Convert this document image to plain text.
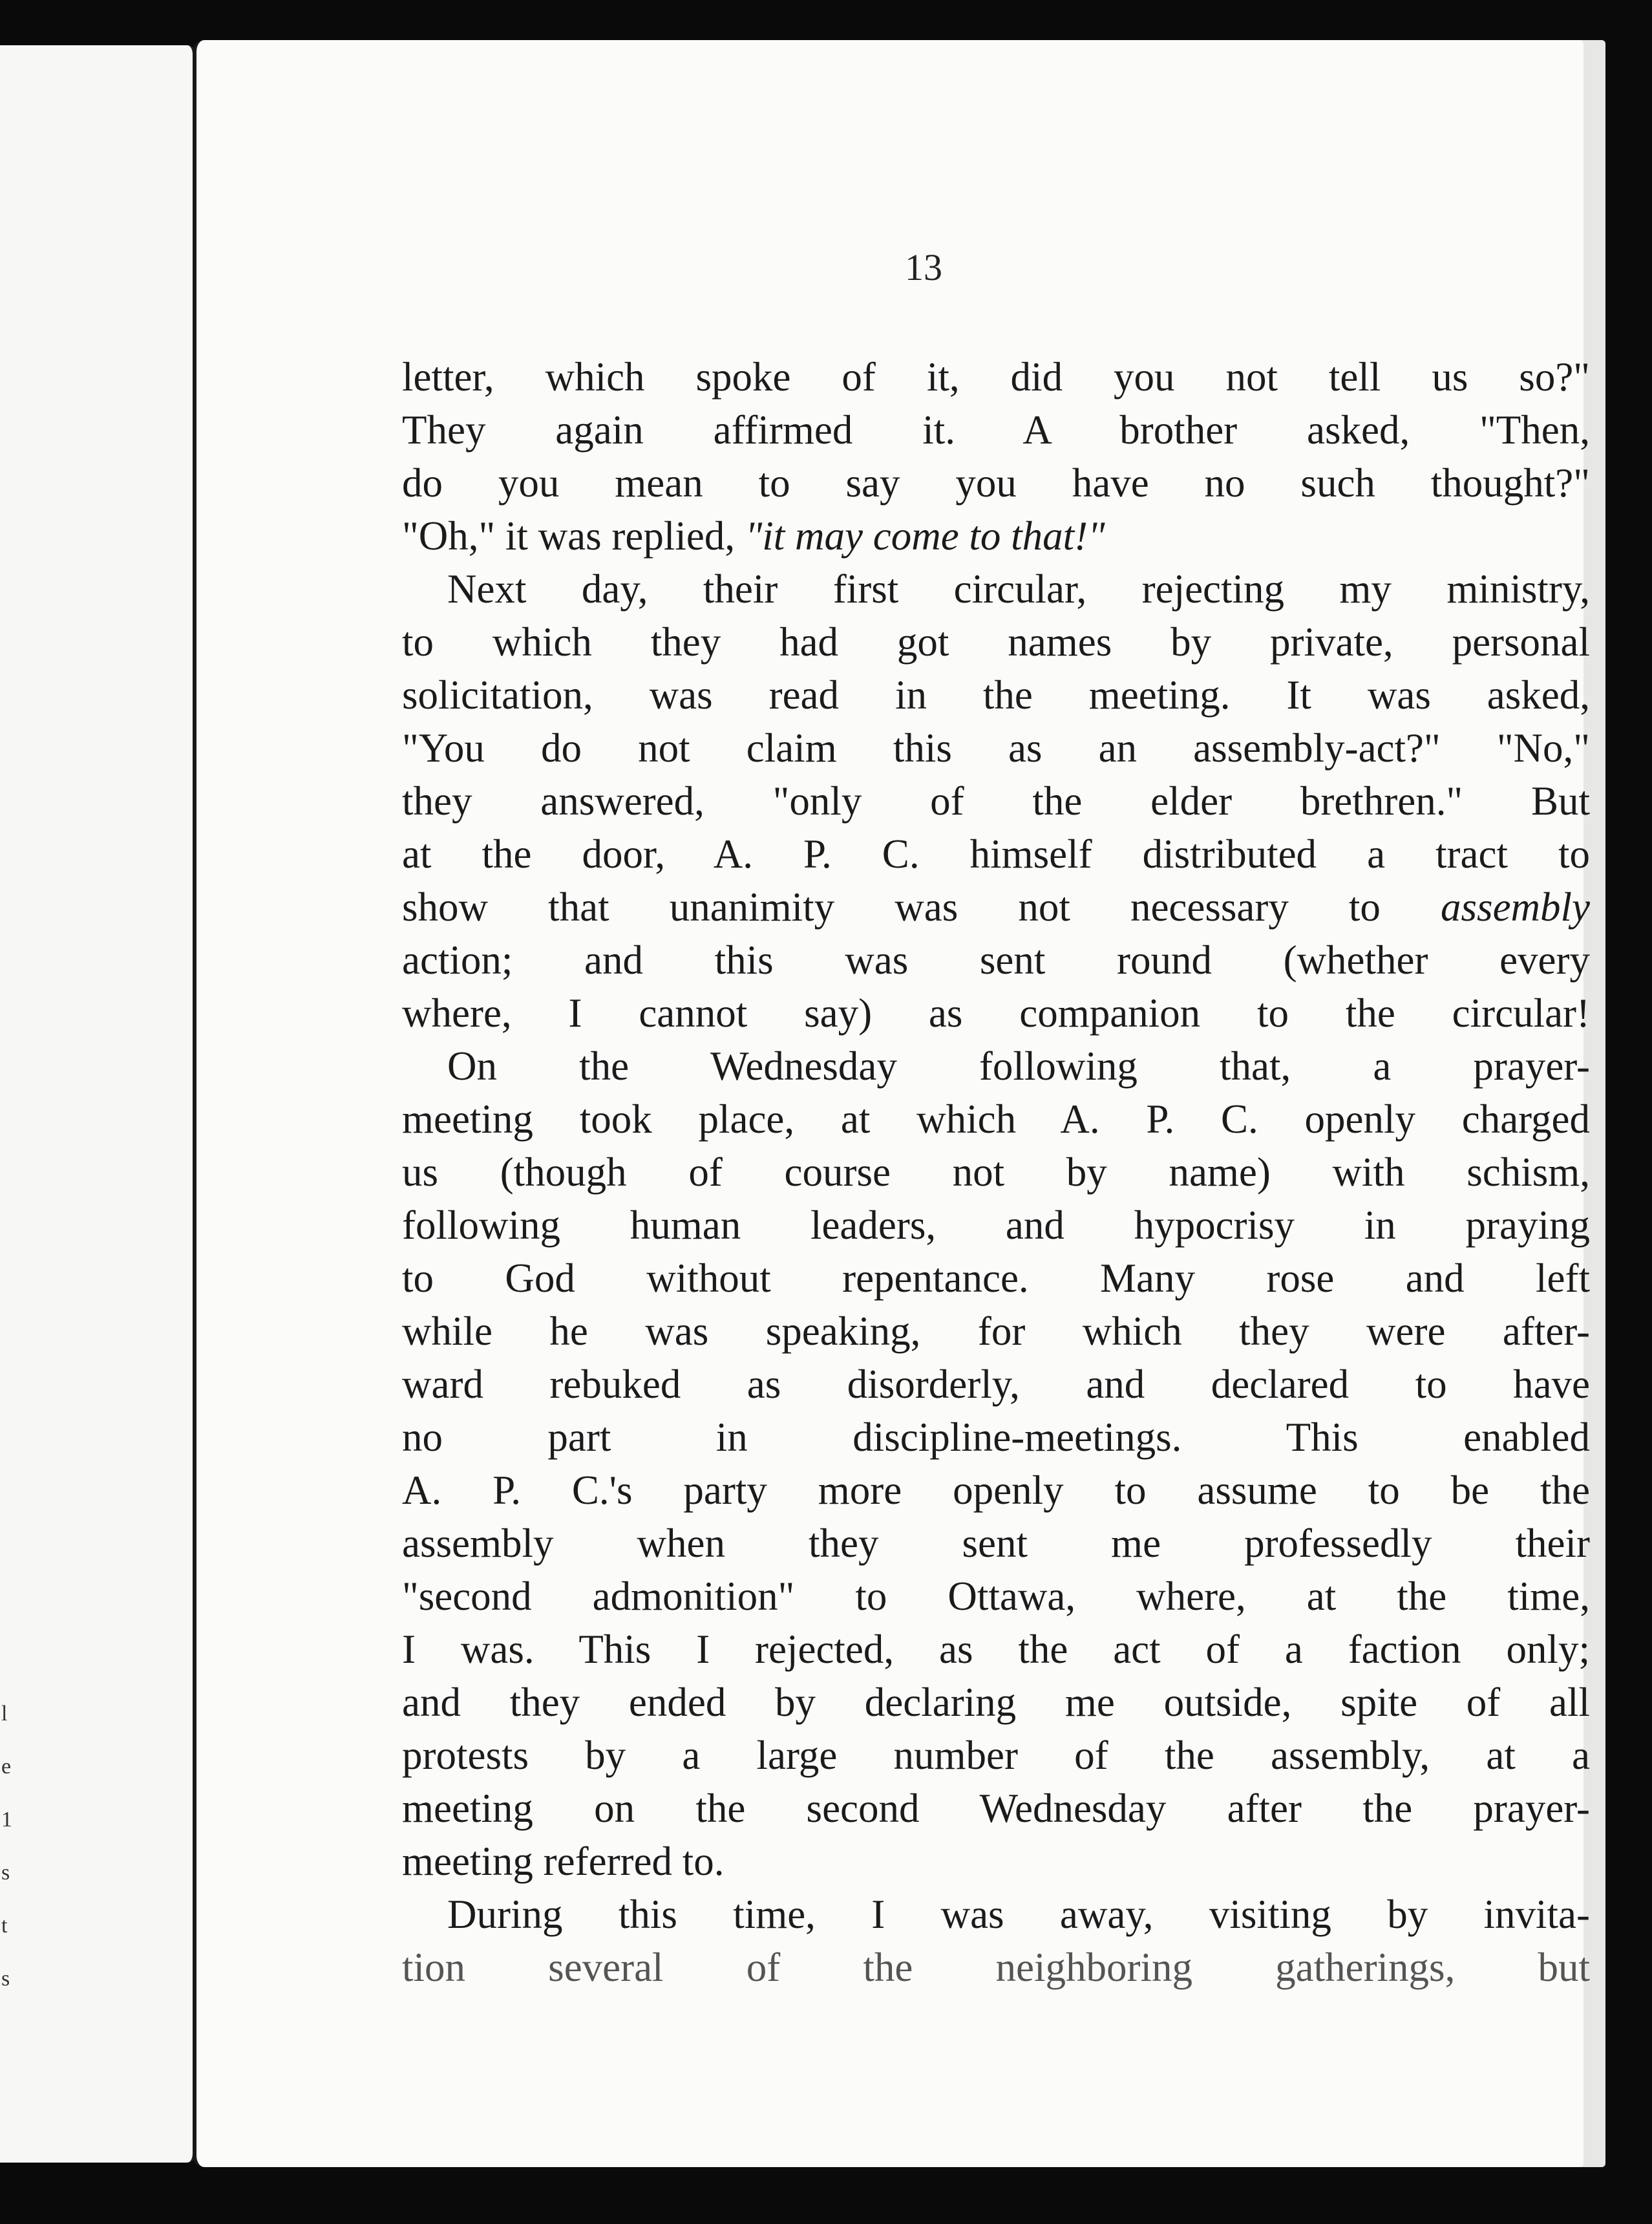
l
e
1
s
t
s
13
letter, which spoke of it, did you not tell us so?"
They again affirmed it. A brother asked, "Then,
do you mean to say you have no such thought?"
"Oh," it was replied, "it may come to that!"
Next day, their first circular, rejecting my ministry,
to which they had got names by private, personal
solicitation, was read in the meeting. It was asked,
"You do not claim this as an assembly-act?" "No,"
they answered, "only of the elder brethren." But
at the door, A. P. C. himself distributed a tract to
show that unanimity was not necessary to assembly
action; and this was sent round (whether every
where, I cannot say) as companion to the circular!
On the Wednesday following that, a prayer-
meeting took place, at which A. P. C. openly charged
us (though of course not by name) with schism,
following human leaders, and hypocrisy in praying
to God without repentance. Many rose and left
while he was speaking, for which they were after-
ward rebuked as disorderly, and declared to have
no part in discipline-meetings. This enabled
A. P. C.'s party more openly to assume to be the
assembly when they sent me professedly their
"second admonition" to Ottawa, where, at the time,
I was. This I rejected, as the act of a faction only;
and they ended by declaring me outside, spite of all
protests by a large number of the assembly, at a
meeting on the second Wednesday after the prayer-
meeting referred to.
During this time, I was away, visiting by invita-
tion several of the neighboring gatherings, but
